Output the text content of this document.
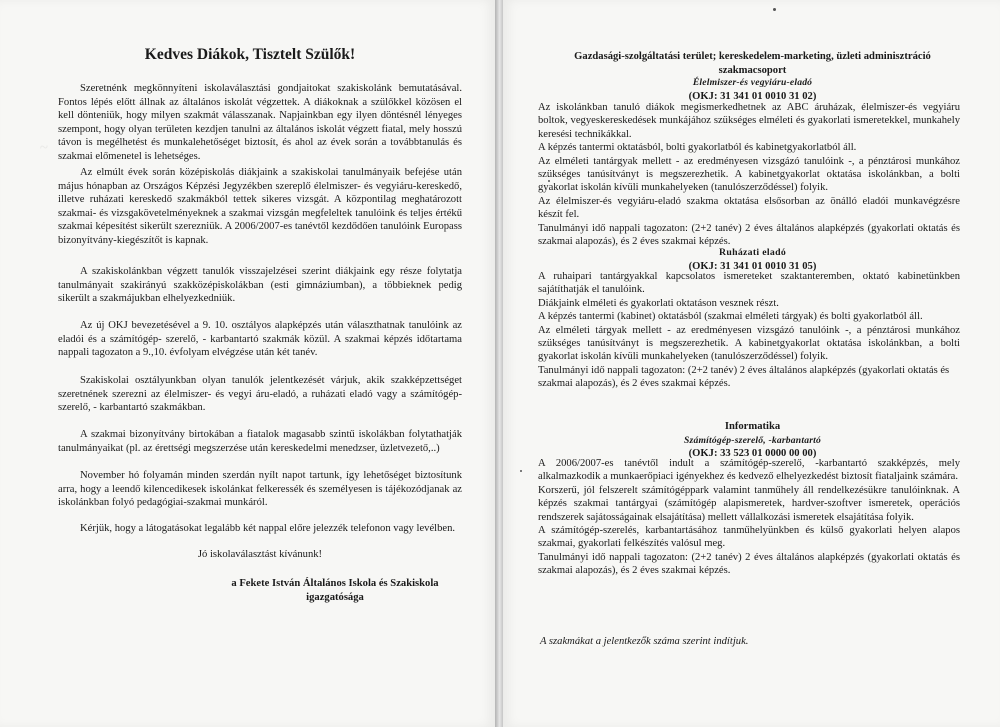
~
Kedves Diákok, Tisztelt Szülők!

Szeretnénk megkönnyíteni iskolaválasztási gondjaitokat szakiskolánk bemutatásával. Fontos lépés előtt állnak az általános iskolát végzettek. A diákoknak a szülőkkel közösen el kell dönteniük, hogy milyen szakmát válasszanak. Napjainkban egy ilyen döntésnél lényeges szempont, hogy olyan területen kezdjen tanulni az általános iskolát végzett fiatal, mely hosszú távon is megélhetést és munkalehetőséget biztosít, és ahol az évek során a továbbtanulás és szakmai előmenetel is lehetséges.

Az elmúlt évek során középiskolás diákjaink a szakiskolai tanulmányaik befejése után május hónapban az Országos Képzési Jegyzékben szereplő élelmiszer- és vegyiáru-kereskedő, illetve ruházati kereskedő szakmákból tettek sikeres vizsgát. A központilag meghatározott szakmai- és vizsgakövetelményeknek a szakmai vizsgán megfeleltek tanulóink és teljes értékű szakmai képesítést sikerült szerezniük. A 2006/2007-es tanévtől kezdődően tanulóink Europass bizonyítvány-kiegészítőt is kapnak.

A szakiskolánkban végzett tanulók visszajelzései szerint diákjaink egy része folytatja tanulmányait szakirányú szakközépiskolákban (esti gimnáziumban), a többieknek pedig sikerült a szakmájukban elhelyezkedniük.

Az új OKJ bevezetésével a 9. 10. osztályos alapképzés után választhatnak tanulóink az eladói és a számítógép- szerelő, - karbantartó szakmák közül. A szakmai képzés időtartama nappali tagozaton a 9.,10. évfolyam elvégzése után két tanév.

Szakiskolai osztályunkban olyan tanulók jelentkezését várjuk, akik szakképzettséget szeretnének szerezni az élelmiszer- és vegyi áru-eladó, a ruházati eladó vagy a számítógép-szerelő, - karbantartó szakmákban.

A szakmai bizonyítvány birtokában a fiatalok magasabb szintű iskolákban folytathatják tanulmányaikat (pl. az érettségi megszerzése után kereskedelmi menedzser, üzletvezető,..)

November hó folyamán minden szerdán nyílt napot tartunk, így lehetőséget biztosítunk arra, hogy a leendő kilencedikesek iskolánkat felkeressék és személyesen is tájékozódjanak az iskolánkban folyó pedagógiai-szakmai munkáról.

Kérjük, hogy a látogatásokat legalább két nappal előre jelezzék telefonon vagy levélben.

Jó iskolaválasztást kívánunk!

a Fekete István Általános Iskola és Szakiskola
igazgatósága
Gazdasági-szolgáltatási terület; kereskedelem-marketing, üzleti adminisztráció
szakmacsoport
Élelmiszer-és vegyiáru-eladó
(OKJ: 31 341 01 0010 31 02)

Az iskolánkban tanuló diákok megismerkedhetnek az ABC áruházak, élelmiszer-és vegyiáru boltok, vegyeskereskedések munkájához szükséges elméleti és gyakorlati ismeretekkel, munkahely keresési technikákkal.

A képzés tantermi oktatásból, bolti gyakorlatból és kabinetgyakorlatból áll.

Az elméleti tantárgyak mellett - az eredményesen vizsgázó tanulóink -, a pénztárosi munkához szükséges tanúsítványt is megszerezhetik. A kabinetgyakorlat oktatása iskolánkban, a bolti gyakorlat iskolán kívüli munkahelyeken (tanulószerződéssel) folyik.

Az élelmiszer-és vegyiáru-eladó szakma oktatása elsősorban az önálló eladói munkavégzésre készít fel.

Tanulmányi idő nappali tagozaton: (2+2 tanév) 2 éves általános alapképzés (gyakorlati oktatás és szakmai alapozás), és 2 éves szakmai képzés.

Ruházati eladó
(OKJ: 31 341 01 0010 31 05)

A ruhaipari tantárgyakkal kapcsolatos ismereteket szaktanteremben, oktató kabinetünkben sajátíthatják el tanulóink.

Diákjaink elméleti és gyakorlati oktatáson vesznek részt.

A képzés tantermi (kabinet) oktatásból (szakmai elméleti tárgyak) és bolti gyakorlatból áll.

Az elméleti tárgyak mellett - az eredményesen vizsgázó tanulóink -, a pénztárosi munkához szükséges tanúsítványt is megszerezhetik. A kabinetgyakorlat oktatása iskolánkban, a bolti gyakorlat iskolán kívüli munkahelyeken (tanulószerződéssel) folyik.

Tanulmányi idő nappali tagozaton: (2+2 tanév) 2 éves általános alapképzés (gyakorlati oktatás és

szakmai alapozás), és 2 éves szakmai képzés.

Informatika
Számítógép-szerelő, -karbantartó
(OKJ: 33 523 01 0000 00 00)

A 2006/2007-es tanévtől indult a számítógép-szerelő, -karbantartó szakképzés, mely alkalmazkodik a munkaerőpiaci igényekhez és kedvező elhelyezkedést biztosít fiataljaink számára.

Korszerű, jól felszerelt számítógéppark valamint tanműhely áll rendelkezésükre tanulóinknak. A képzés szakmai tantárgyai (számítógép alapismeretek, hardver-szoftver ismeretek, operációs rendszerek sajátosságainak elsajátítása) mellett vállalkozási ismeretek elsajátítása folyik.

A számítógép-szerelés, karbantartásához tanműhelyünkben és külső gyakorlati helyen alapos szakmai, gyakorlati felkészítés valósul meg.

Tanulmányi idő nappali tagozaton: (2+2 tanév) 2 éves általános alapképzés (gyakorlati oktatás és szakmai alapozás), és 2 éves szakmai képzés.

A szakmákat a jelentkezők száma szerint indítjuk.
